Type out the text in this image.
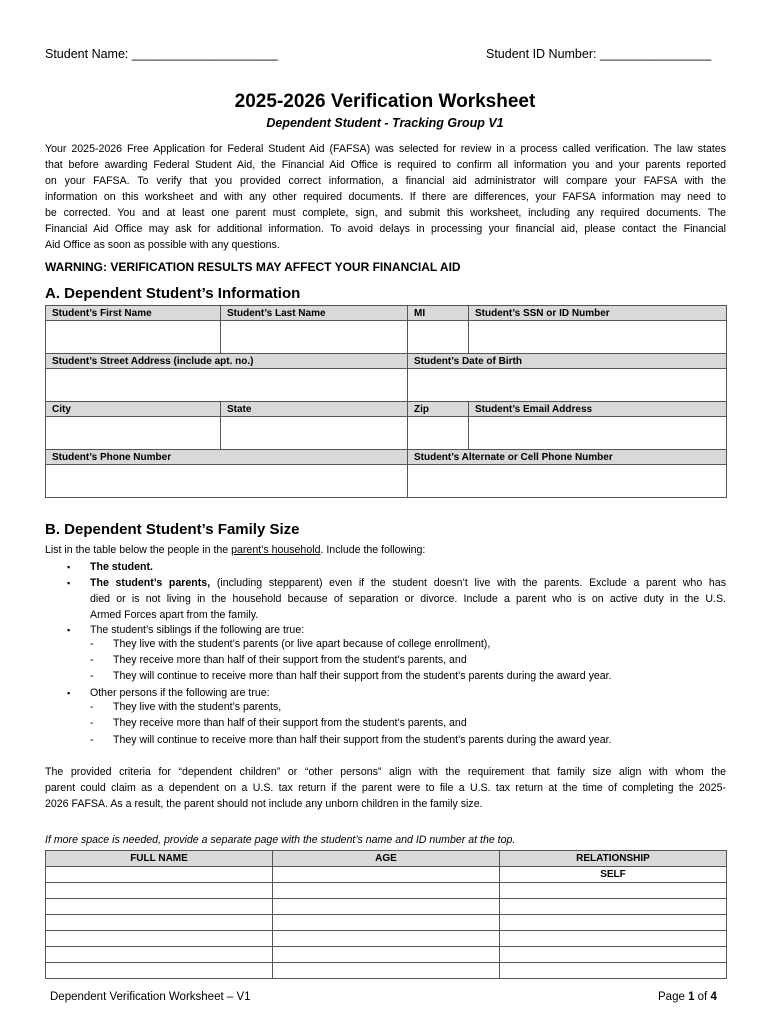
Student Name: _____________________	Student ID Number: ________________
2025-2026 Verification Worksheet
Dependent Student - Tracking Group V1
Your 2025-2026 Free Application for Federal Student Aid (FAFSA) was selected for review in a process called verification. The law states
that before awarding Federal Student Aid, the Financial Aid Office is required to confirm all information you and your parents reported
on your FAFSA. To verify that you provided correct information, a financial aid administrator will compare your FAFSA with the
information on this worksheet and with any other required documents. If there are differences, your FAFSA information may need to
be corrected. You and at least one parent must complete, sign, and submit this worksheet, including any required documents. The
Financial Aid Office may ask for additional information. To avoid delays in processing your financial aid, please contact the Financial
Aid Office as soon as possible with any questions.
WARNING: VERIFICATION RESULTS MAY AFFECT YOUR FINANCIAL AID
A. Dependent Student’s Information
Student’s First Name	Student’s Last Name	MI	Student’s SSN or ID Number

Student’s Street Address (include apt. no.)		Student’s Date of Birth	

City	State	Zip	Student’s Email Address

Student’s Phone Number		Student’s Alternate or Cell Phone Number	

B. Dependent Student’s Family Size
List in the table below the people in the parent’s household. Include the following:
▪ The student.
▪ The student’s parents, (including stepparent) even if the student doesn’t live with the parents. Exclude a parent who has
died or is not living in the household because of separation or divorce. Include a parent who is on active duty in the U.S.
Armed Forces apart from the family.
▪ The student’s siblings if the following are true:
- They live with the student’s parents (or live apart because of college enrollment),
- They receive more than half of their support from the student’s parents, and
- They will continue to receive more than half their support from the student’s parents during the award year.
▪ Other persons if the following are true:
- They live with the student’s parents,
- They receive more than half of their support from the student’s parents, and
- They will continue to receive more than half their support from the student’s parents during the award year.
The provided criteria for “dependent children” or “other persons” align with the requirement that family size align with whom the
parent could claim as a dependent on a U.S. tax return if the parent were to file a U.S. tax return at the time of completing the 2025-
2026 FAFSA. As a result, the parent should not include any unborn children in the family size.
If more space is needed, provide a separate page with the student’s name and ID number at the top.
FULL NAME	AGE	RELATIONSHIP
		SELF

Dependent Verification Worksheet – V1	Page 1 of 4
